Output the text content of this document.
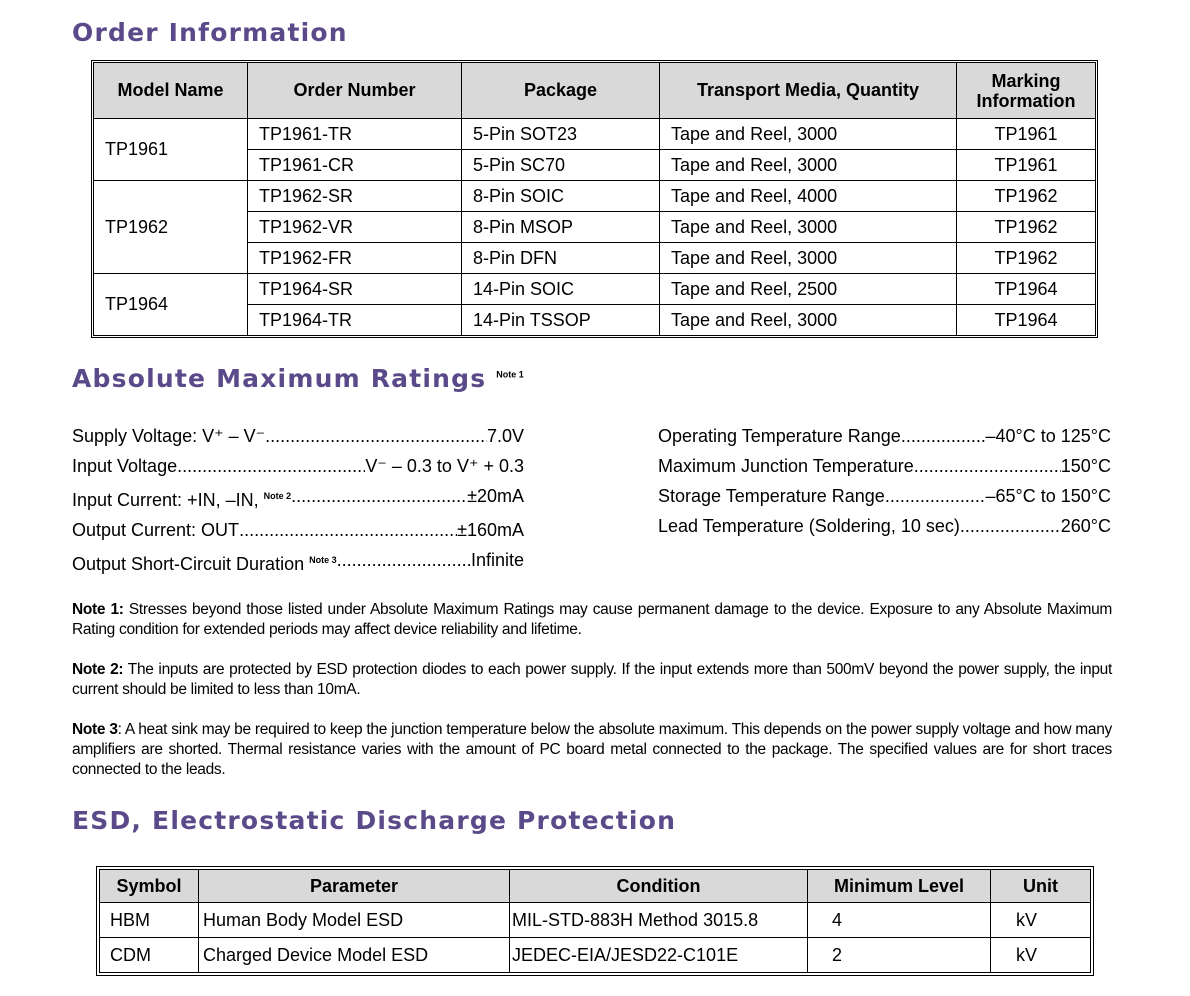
Order Information
Model Name	Order Number	Package	Transport Media, Quantity	Marking
Information
TP1961	TP1961-TR	5-Pin SOT23	Tape and Reel, 3000	TP1961
	TP1961-CR	5-Pin SC70	Tape and Reel, 3000	TP1961
TP1962	TP1962-SR	8-Pin SOIC	Tape and Reel, 4000	TP1962
	TP1962-VR	8-Pin MSOP	Tape and Reel, 3000	TP1962
	TP1962-FR	8-Pin DFN	Tape and Reel, 3000	TP1962
TP1964	TP1964-SR	14-Pin SOIC	Tape and Reel, 2500	TP1964
	TP1964-TR	14-Pin TSSOP	Tape and Reel, 3000	TP1964
Absolute Maximum Ratings $^{Note 1}$
Supply Voltage: V⁺ – V⁻ .....	7.0V
Input Voltage .....	V⁻ – 0.3 to V⁺ + 0.3
Input Current: +IN, –IN, $^{Note 2}$ .....	±20mA
Output Current: OUT .....	±160mA
Output Short-Circuit Duration $^{Note 3}$ .....	Infinite
Operating Temperature Range .....	–40°C to 125°C
Maximum Junction Temperature .....	150°C
Storage Temperature Range .....	–65°C to 150°C
Lead Temperature (Soldering, 10 sec) .....	260°C

Note 1: Stresses beyond those listed under Absolute Maximum Ratings may cause permanent damage to the device. Exposure to any Absolute Maximum Rating condition for extended periods may affect device reliability and lifetime.

Note 2: The inputs are protected by ESD protection diodes to each power supply. If the input extends more than 500mV beyond the power supply, the input current should be limited to less than 10mA.

Note 3: A heat sink may be required to keep the junction temperature below the absolute maximum. This depends on the power supply voltage and how many amplifiers are shorted. Thermal resistance varies with the amount of PC board metal connected to the package. The specified values are for short traces connected to the leads.

ESD, Electrostatic Discharge Protection
Symbol	Parameter	Condition	Minimum Level	Unit
HBM	Human Body Model ESD	MIL-STD-883H Method 3015.8	4	kV
CDM	Charged Device Model ESD	JEDEC-EIA/JESD22-C101E	2	kV
